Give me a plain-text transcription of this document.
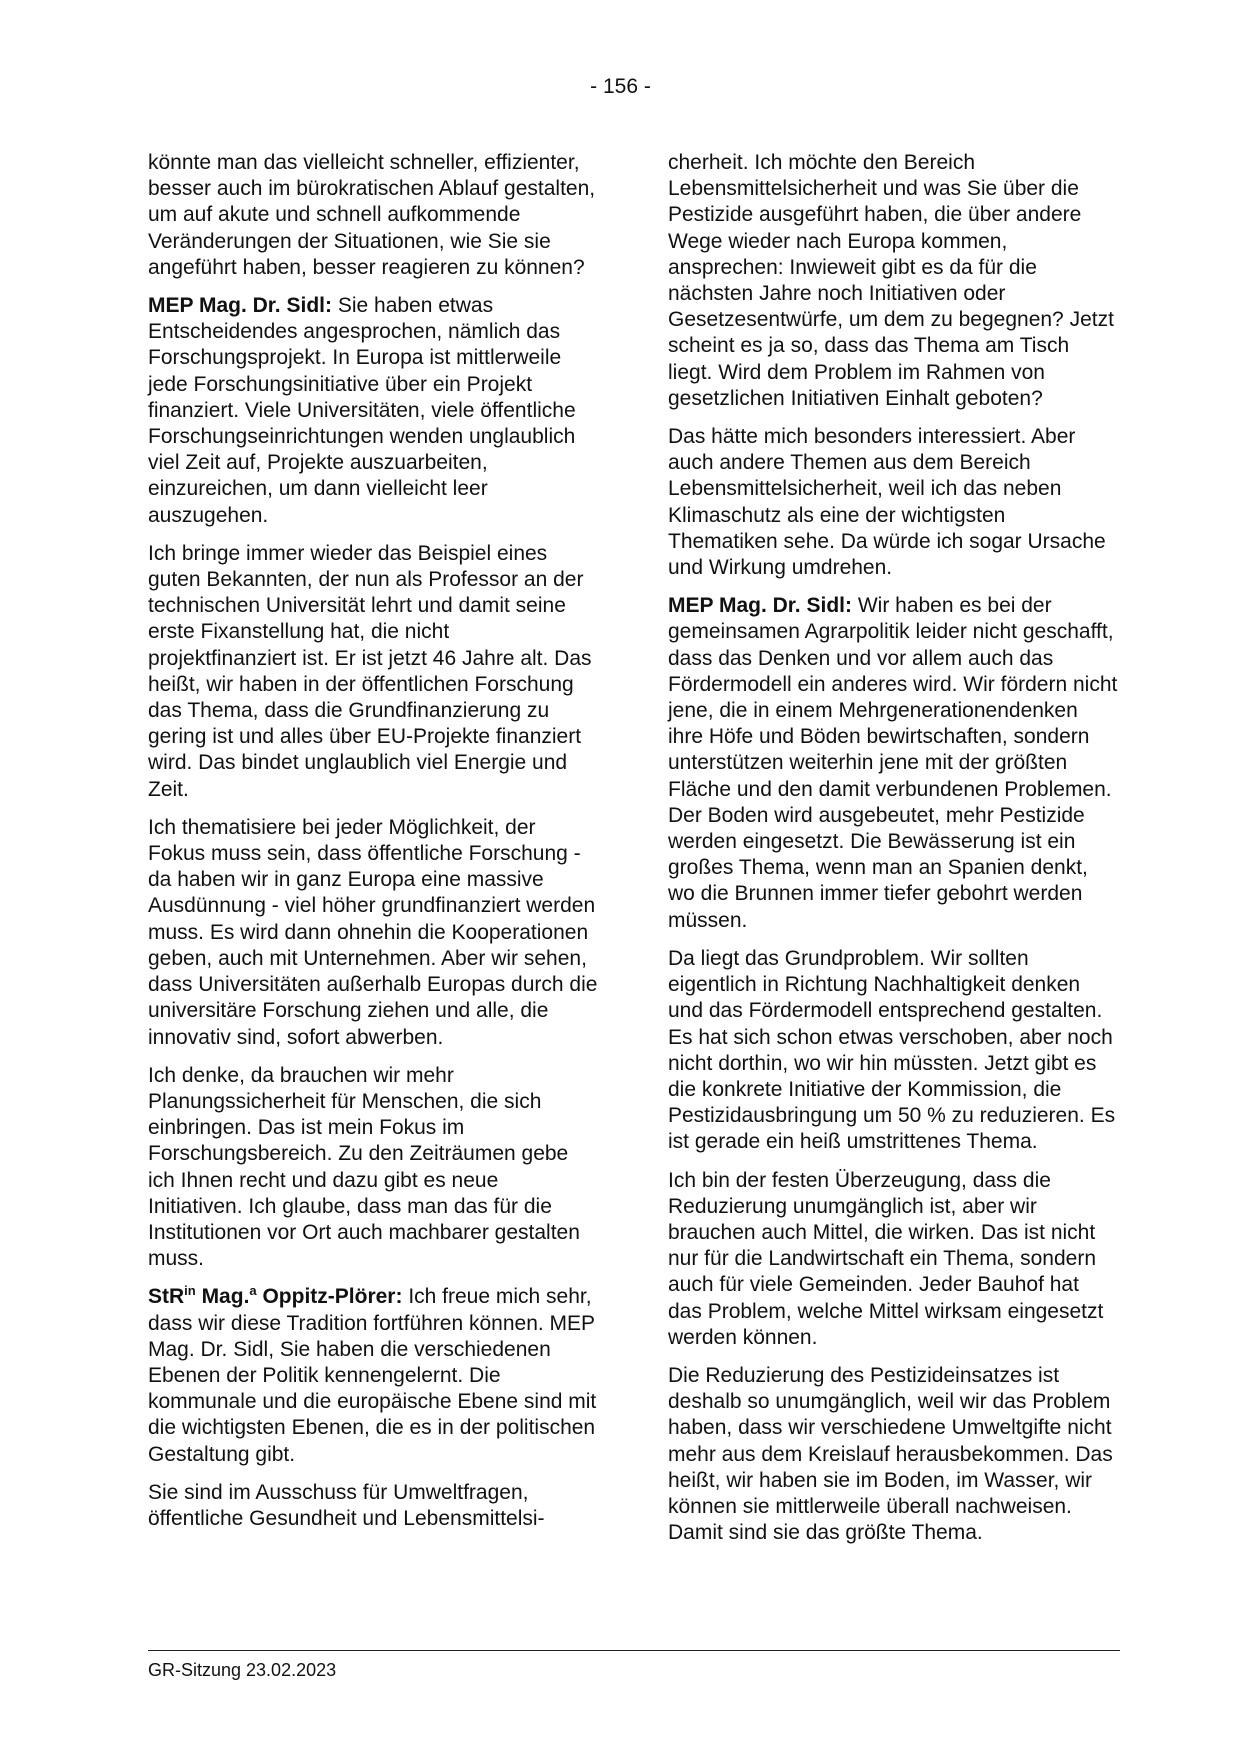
- 156 -

könnte man das vielleicht schneller, effizienter, besser auch im bürokratischen Ablauf gestalten, um auf akute und schnell aufkommende Veränderungen der Situationen, wie Sie sie angeführt haben, besser reagieren zu können?

MEP Mag. Dr. Sidl: Sie haben etwas Entscheidendes angesprochen, nämlich das Forschungsprojekt. In Europa ist mittlerweile jede Forschungsinitiative über ein Projekt finanziert. Viele Universitäten, viele öffentliche Forschungseinrichtungen wenden unglaublich viel Zeit auf, Projekte auszuarbeiten, einzureichen, um dann vielleicht leer auszugehen.

Ich bringe immer wieder das Beispiel eines guten Bekannten, der nun als Professor an der technischen Universität lehrt und damit seine erste Fixanstellung hat, die nicht projektfinanziert ist. Er ist jetzt 46 Jahre alt. Das heißt, wir haben in der öffentlichen Forschung das Thema, dass die Grundfinanzierung zu gering ist und alles über EU-Projekte finanziert wird. Das bindet unglaublich viel Energie und Zeit.

Ich thematisiere bei jeder Möglichkeit, der Fokus muss sein, dass öffentliche Forschung - da haben wir in ganz Europa eine massive Ausdünnung - viel höher grundfinanziert werden muss. Es wird dann ohnehin die Kooperationen geben, auch mit Unternehmen. Aber wir sehen, dass Universitäten außerhalb Europas durch die universitäre Forschung ziehen und alle, die innovativ sind, sofort abwerben.

Ich denke, da brauchen wir mehr Planungssicherheit für Menschen, die sich einbringen. Das ist mein Fokus im Forschungsbereich. Zu den Zeiträumen gebe ich Ihnen recht und dazu gibt es neue Initiativen. Ich glaube, dass man das für die Institutionen vor Ort auch machbarer gestalten muss.

StR$^{in}$ Mag.$^a$ Oppitz-Plörer: Ich freue mich sehr, dass wir diese Tradition fortführen können. MEP Mag. Dr. Sidl, Sie haben die verschiedenen Ebenen der Politik kennengelernt. Die kommunale und die europäische Ebene sind mit die wichtigsten Ebenen, die es in der politischen Gestaltung gibt.

Sie sind im Ausschuss für Umweltfragen, öffentliche Gesundheit und Lebensmittelsi-

cherheit. Ich möchte den Bereich Lebensmittelsicherheit und was Sie über die Pestizide ausgeführt haben, die über andere Wege wieder nach Europa kommen, ansprechen: Inwieweit gibt es da für die nächsten Jahre noch Initiativen oder Gesetzesentwürfe, um dem zu begegnen? Jetzt scheint es ja so, dass das Thema am Tisch liegt. Wird dem Problem im Rahmen von gesetzlichen Initiativen Einhalt geboten?

Das hätte mich besonders interessiert. Aber auch andere Themen aus dem Bereich Lebensmittelsicherheit, weil ich das neben Klimaschutz als eine der wichtigsten Thematiken sehe. Da würde ich sogar Ursache und Wirkung umdrehen.

MEP Mag. Dr. Sidl: Wir haben es bei der gemeinsamen Agrarpolitik leider nicht geschafft, dass das Denken und vor allem auch das Fördermodell ein anderes wird. Wir fördern nicht jene, die in einem Mehrgenerationendenken ihre Höfe und Böden bewirtschaften, sondern unterstützen weiterhin jene mit der größten Fläche und den damit verbundenen Problemen. Der Boden wird ausgebeutet, mehr Pestizide werden eingesetzt. Die Bewässerung ist ein großes Thema, wenn man an Spanien denkt, wo die Brunnen immer tiefer gebohrt werden müssen.

Da liegt das Grundproblem. Wir sollten eigentlich in Richtung Nachhaltigkeit denken und das Fördermodell entsprechend gestalten. Es hat sich schon etwas verschoben, aber noch nicht dorthin, wo wir hin müssten. Jetzt gibt es die konkrete Initiative der Kommission, die Pestizidausbringung um 50 % zu reduzieren. Es ist gerade ein heiß umstrittenes Thema.

Ich bin der festen Überzeugung, dass die Reduzierung unumgänglich ist, aber wir brauchen auch Mittel, die wirken. Das ist nicht nur für die Landwirtschaft ein Thema, sondern auch für viele Gemeinden. Jeder Bauhof hat das Problem, welche Mittel wirksam eingesetzt werden können.

Die Reduzierung des Pestizideinsatzes ist deshalb so unumgänglich, weil wir das Problem haben, dass wir verschiedene Umweltgifte nicht mehr aus dem Kreislauf herausbekommen. Das heißt, wir haben sie im Boden, im Wasser, wir können sie mittlerweile überall nachweisen. Damit sind sie das größte Thema.

GR-Sitzung 23.02.2023
